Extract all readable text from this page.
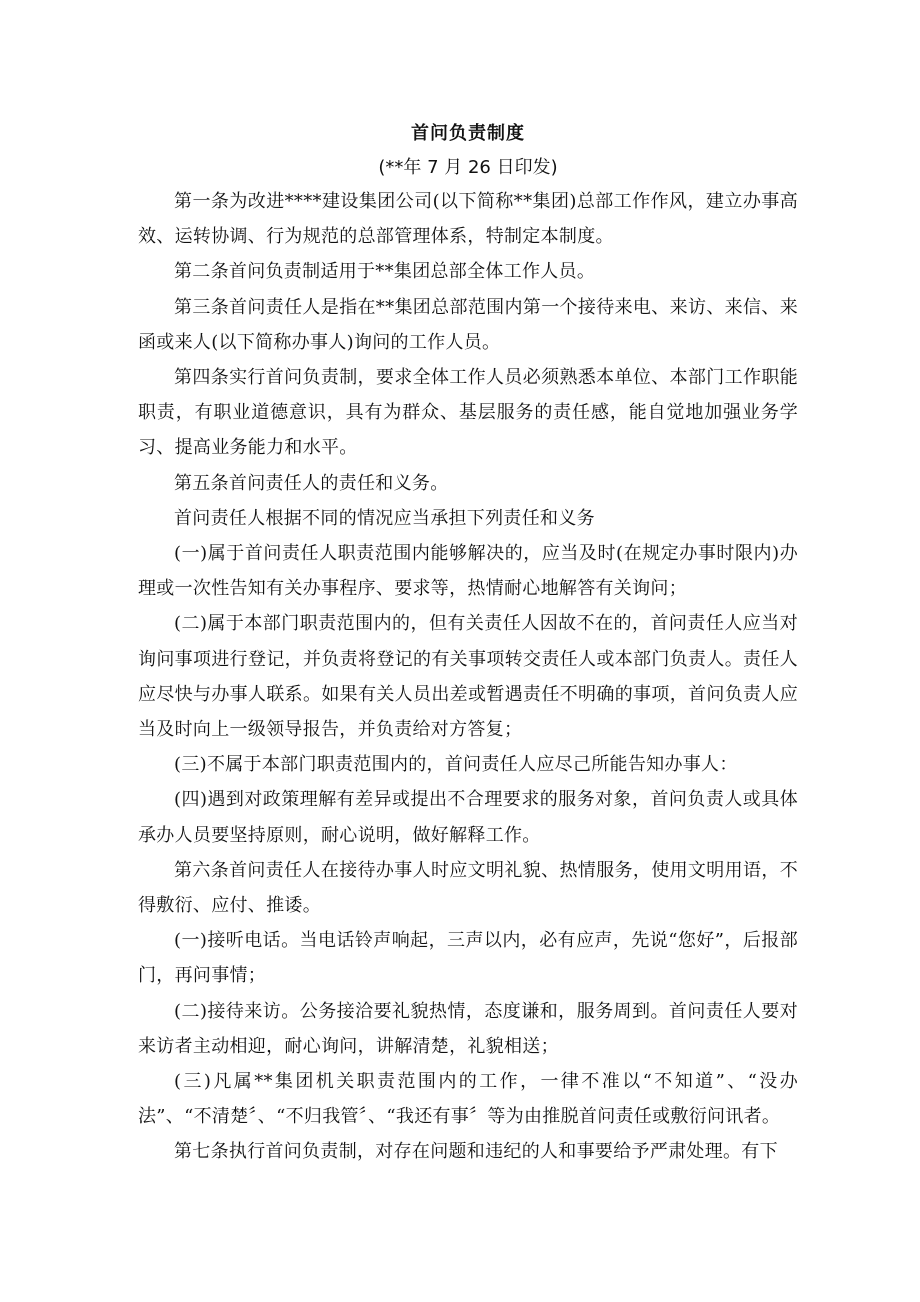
首问负责制度

(**年 7 月 26 日印发)

第一条为改进****建设集团公司(以下简称**集团)总部工作作风，建立办事高效、运转协调、行为规范的总部管理体系，特制定本制度。

第二条首问负责制适用于**集团总部全体工作人员。

第三条首问责任人是指在**集团总部范围内第一个接待来电、来访、来信、来函或来人(以下简称办事人)询问的工作人员。

第四条实行首问负责制，要求全体工作人员必须熟悉本单位、本部门工作职能职责，有职业道德意识，具有为群众、基层服务的责任感，能自觉地加强业务学习、提高业务能力和水平。

第五条首问责任人的责任和义务。

首问责任人根据不同的情况应当承担下列责任和义务

(一)属于首问责任人职责范围内能够解决的，应当及时(在规定办事时限内)办理或一次性告知有关办事程序、要求等，热情耐心地解答有关询问；

(二)属于本部门职责范围内的，但有关责任人因故不在的，首问责任人应当对询问事项进行登记，并负责将登记的有关事项转交责任人或本部门负责人。责任人应尽快与办事人联系。如果有关人员出差或暂遇责任不明确的事项，首问负责人应当及时向上一级领导报告，并负责给对方答复；

(三)不属于本部门职责范围内的，首问责任人应尽己所能告知办事人：

(四)遇到对政策理解有差异或提出不合理要求的服务对象，首问负责人或具体承办人员要坚持原则，耐心说明，做好解释工作。

第六条首问责任人在接待办事人时应文明礼貌、热情服务，使用文明用语，不得敷衍、应付、推诿。

(一)接听电话。当电话铃声响起，三声以内，必有应声，先说“您好”，后报部门，再问事情；

(二)接待来访。公务接洽要礼貌热情，态度谦和，服务周到。首问责任人要对来访者主动相迎，耐心询问，讲解清楚，礼貌相送；

(三)凡属**集团机关职责范围内的工作，一律不准以“不知道”、“没办法”、“不清楚〞、“不归我管〞、“我还有事〞等为由推脱首问责任或敷衍问讯者。

第七条执行首问负责制，对存在问题和违纪的人和事要给予严肃处理。有下
